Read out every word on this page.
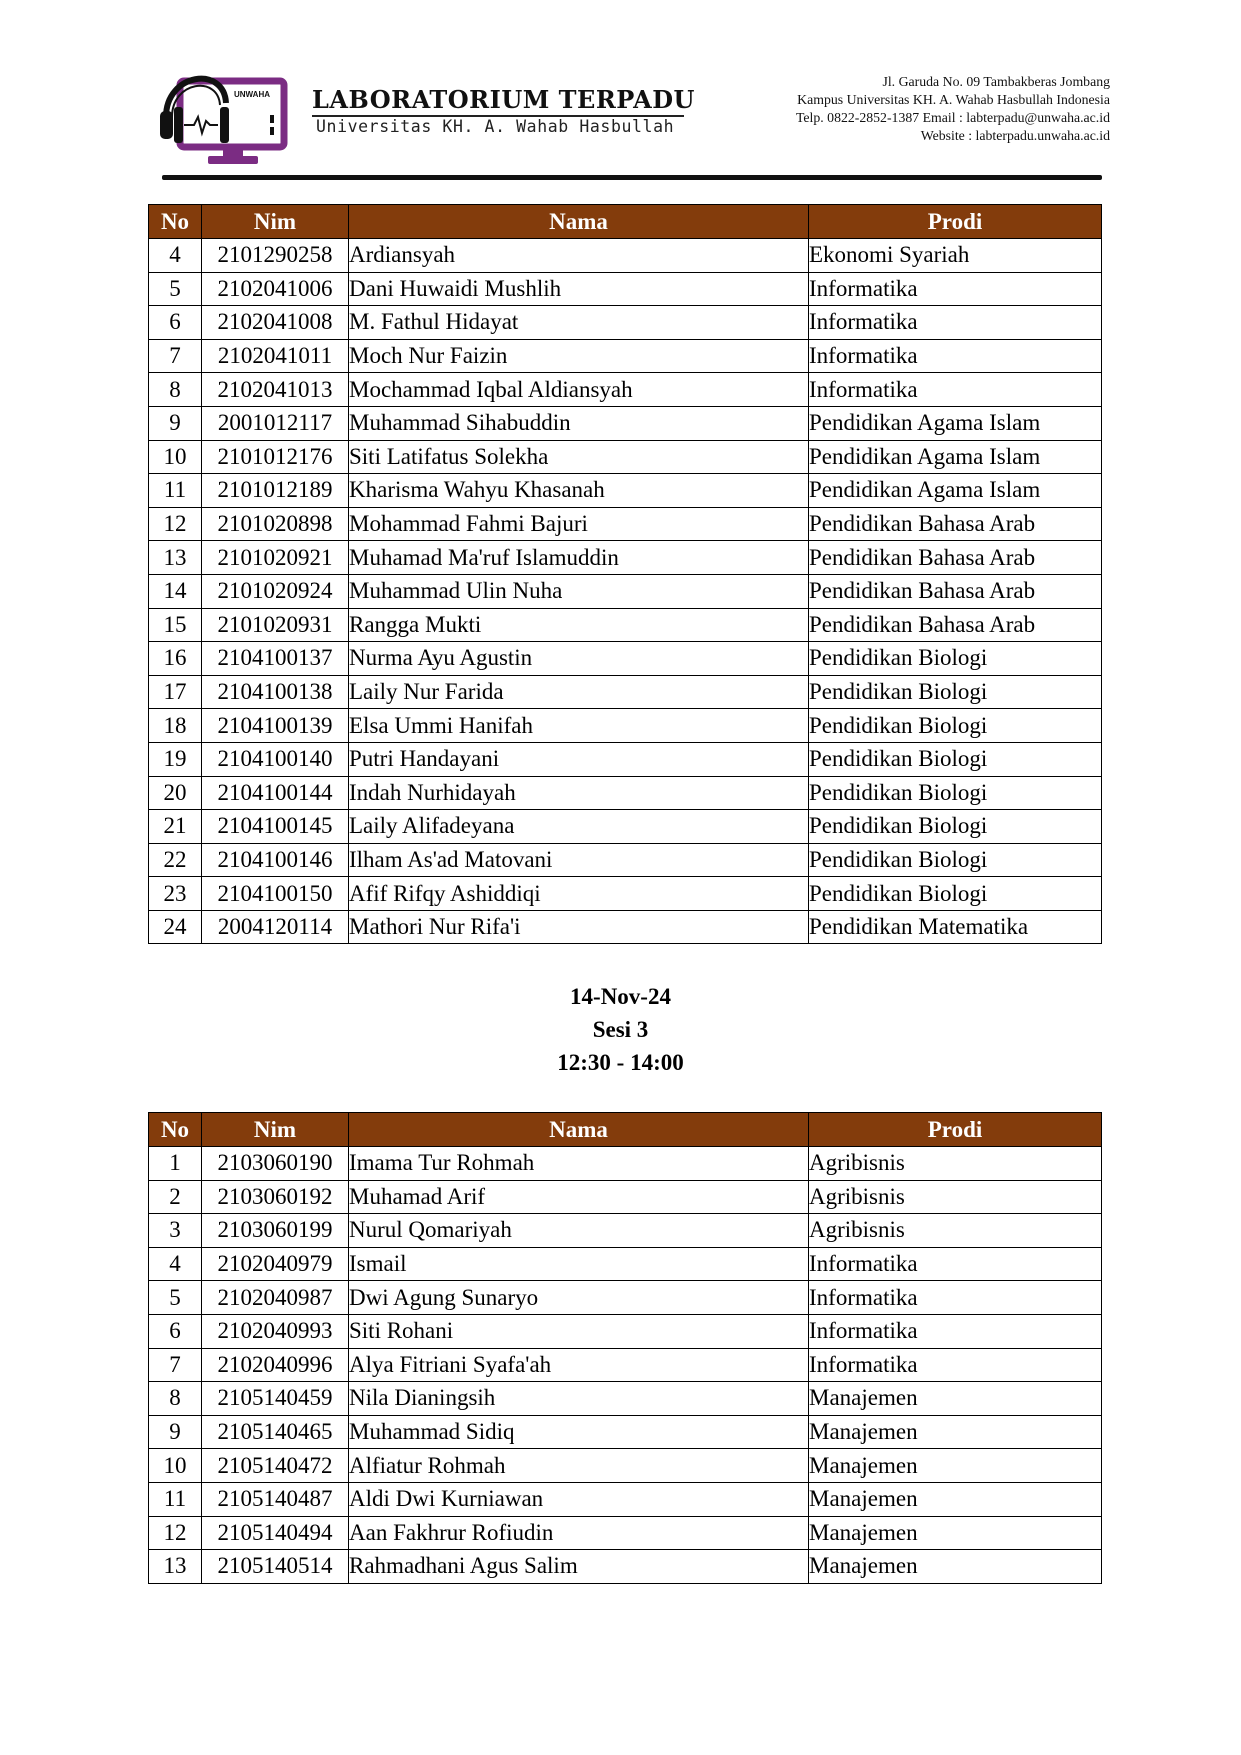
UNWAHA LABORATORIUM TERPADU
Universitas KH. A. Wahab Hasbullah
Jl. Garuda No. 09 Tambakberas Jombang
Kampus Universitas KH. A. Wahab Hasbullah Indonesia
Telp. 0822-2852-1387 Email : labterpadu@unwaha.ac.id
Website : labterpadu.unwaha.ac.id
No	Nim	Nama	Prodi
4	2101290258	Ardiansyah	Ekonomi Syariah
5	2102041006	Dani Huwaidi Mushlih	Informatika
6	2102041008	M. Fathul Hidayat	Informatika
7	2102041011	Moch Nur Faizin	Informatika
8	2102041013	Mochammad Iqbal Aldiansyah	Informatika
9	2001012117	Muhammad Sihabuddin	Pendidikan Agama Islam
10	2101012176	Siti Latifatus Solekha	Pendidikan Agama Islam
11	2101012189	Kharisma Wahyu Khasanah	Pendidikan Agama Islam
12	2101020898	Mohammad Fahmi Bajuri	Pendidikan Bahasa Arab
13	2101020921	Muhamad Ma'ruf Islamuddin	Pendidikan Bahasa Arab
14	2101020924	Muhammad Ulin Nuha	Pendidikan Bahasa Arab
15	2101020931	Rangga Mukti	Pendidikan Bahasa Arab
16	2104100137	Nurma Ayu Agustin	Pendidikan Biologi
17	2104100138	Laily Nur Farida	Pendidikan Biologi
18	2104100139	Elsa Ummi Hanifah	Pendidikan Biologi
19	2104100140	Putri Handayani	Pendidikan Biologi
20	2104100144	Indah Nurhidayah	Pendidikan Biologi
21	2104100145	Laily Alifadeyana	Pendidikan Biologi
22	2104100146	Ilham As'ad Matovani	Pendidikan Biologi
23	2104100150	Afif Rifqy Ashiddiqi	Pendidikan Biologi
24	2004120114	Mathori Nur Rifa'i	Pendidikan Matematika
14-Nov-24
Sesi 3
12:30 - 14:00
No	Nim	Nama	Prodi
1	2103060190	Imama Tur Rohmah	Agribisnis
2	2103060192	Muhamad Arif	Agribisnis
3	2103060199	Nurul Qomariyah	Agribisnis
4	2102040979	Ismail	Informatika
5	2102040987	Dwi Agung Sunaryo	Informatika
6	2102040993	Siti Rohani	Informatika
7	2102040996	Alya Fitriani Syafa'ah	Informatika
8	2105140459	Nila Dianingsih	Manajemen
9	2105140465	Muhammad Sidiq	Manajemen
10	2105140472	Alfiatur Rohmah	Manajemen
11	2105140487	Aldi Dwi Kurniawan	Manajemen
12	2105140494	Aan Fakhrur Rofiudin	Manajemen
13	2105140514	Rahmadhani Agus Salim	Manajemen
